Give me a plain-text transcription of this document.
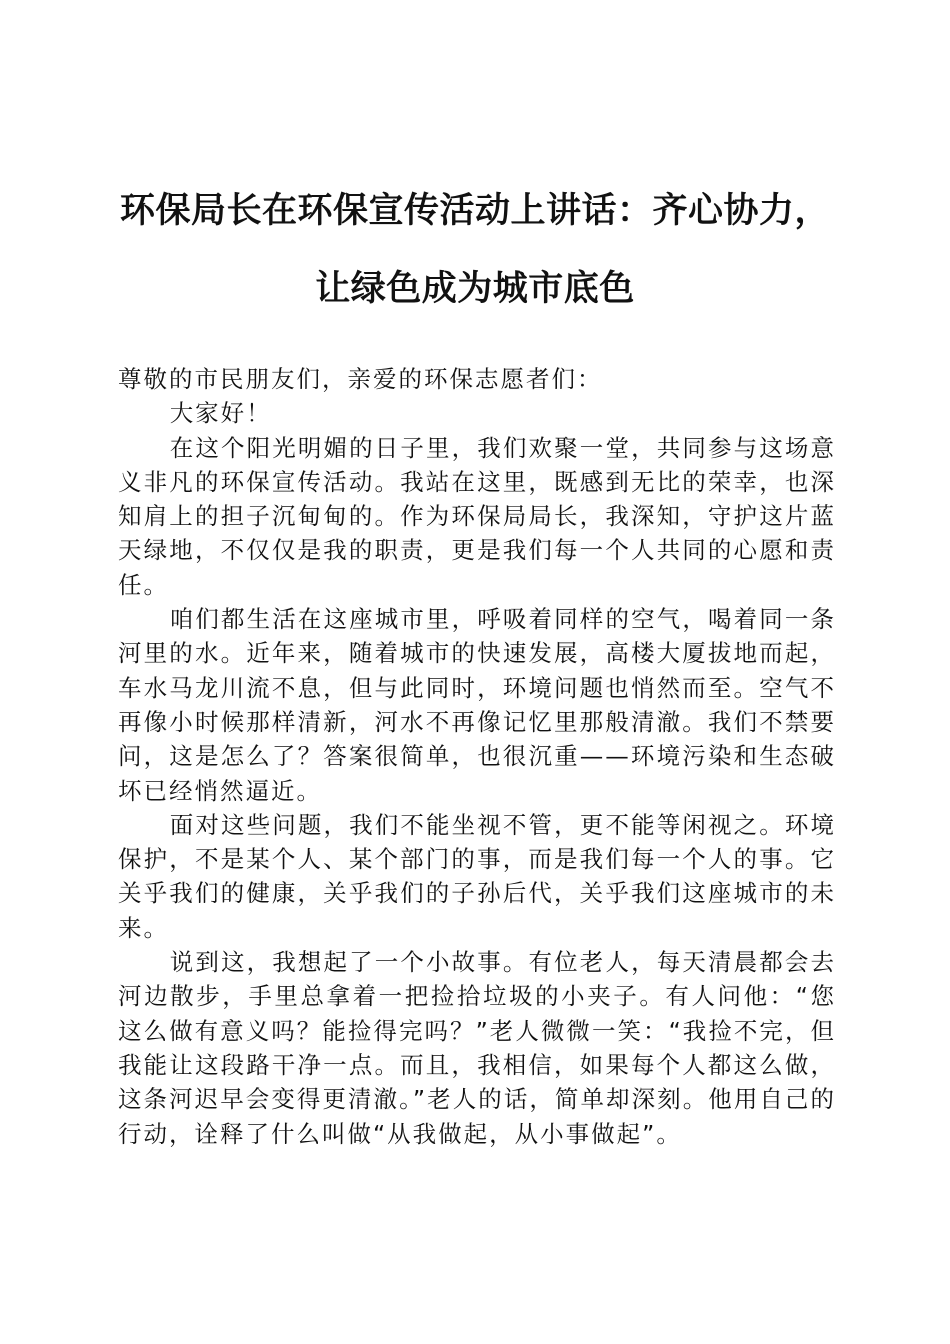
环保局长在环保宣传活动上讲话：齐心协力，
让绿色成为城市底色

尊敬的市民朋友们，亲爱的环保志愿者们：

大家好！

在这个阳光明媚的日子里，我们欢聚一堂，共同参与这场意义非凡的环保宣传活动。我站在这里，既感到无比的荣幸，也深知肩上的担子沉甸甸的。作为环保局局长，我深知，守护这片蓝天绿地，不仅仅是我的职责，更是我们每一个人共同的心愿和责任。

咱们都生活在这座城市里，呼吸着同样的空气，喝着同一条河里的水。近年来，随着城市的快速发展，高楼大厦拔地而起，车水马龙川流不息，但与此同时，环境问题也悄然而至。空气不再像小时候那样清新，河水不再像记忆里那般清澈。我们不禁要问，这是怎么了？答案很简单，也很沉重——环境污染和生态破坏已经悄然逼近。

面对这些问题，我们不能坐视不管，更不能等闲视之。环境保护，不是某个人、某个部门的事，而是我们每一个人的事。它关乎我们的健康，关乎我们的子孙后代，关乎我们这座城市的未来。

说到这，我想起了一个小故事。有位老人，每天清晨都会去河边散步，手里总拿着一把捡拾垃圾的小夹子。有人问他：“您这么做有意义吗？能捡得完吗？”老人微微一笑：“我捡不完，但我能让这段路干净一点。而且，我相信，如果每个人都这么做，这条河迟早会变得更清澈。”老人的话，简单却深刻。他用自己的行动，诠释了什么叫做“从我做起，从小事做起”。
